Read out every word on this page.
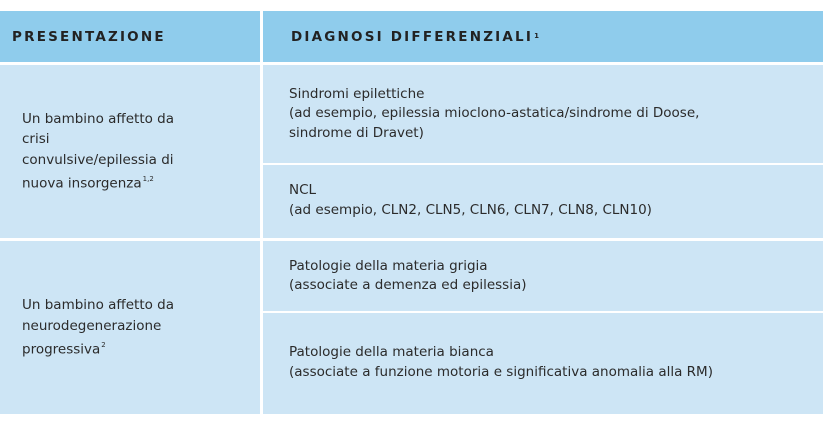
PRESENTAZIONE	DIAGNOSI DIFFERENZIALI$^1$
Un bambino affetto da crisi
convulsive/epilessia di
nuova insorgenza$^{1,2}$
Sindromi epilettiche
(ad esempio, epilessia mioclono-astatica/sindrome di Doose,
sindrome di Dravet)
NCL
(ad esempio, CLN2, CLN5, CLN6, CLN7, CLN8, CLN10)
Un bambino affetto da
neurodegenerazione
progressiva$^2$
Patologie della materia grigia
(associate a demenza ed epilessia)
Patologie della materia bianca
(associate a funzione motoria e significativa anomalia alla RM)
